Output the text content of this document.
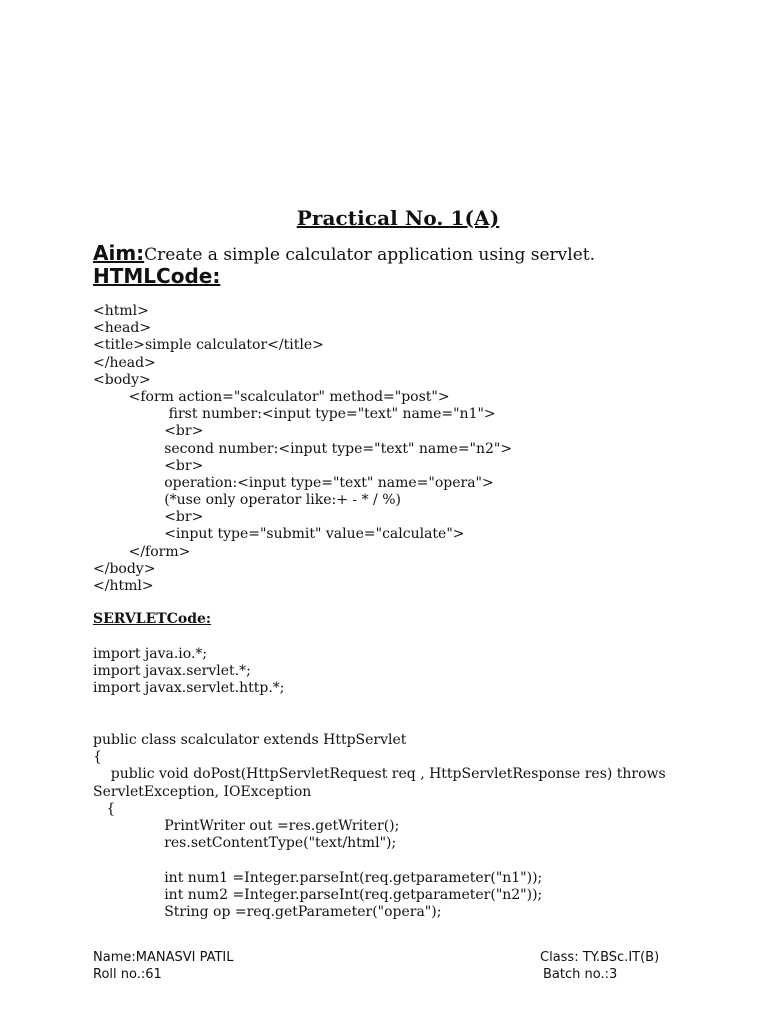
Practical No. 1(A)
Aim:Create a simple calculator application using servlet.
HTMLCode:
<html>
<head>
<title>simple calculator</title>
</head>
<body>
<form action="scalculator" method="post">
first number:<input type="text" name="n1">
<br>
second number:<input type="text" name="n2">
<br>
operation:<input type="text" name="opera">
(*use only operator like:+ - * / %)
<br>
<input type="submit" value="calculate">
</form>
</body>
</html>
SERVLETCode:
import java.io.*;
import javax.servlet.*;
import javax.servlet.http.*;
public class scalculator extends HttpServlet
{
public void doPost(HttpServletRequest req , HttpServletResponse res) throws
ServletException, IOException
{
PrintWriter out =res.getWriter();
res.setContentType("text/html");
int num1 =Integer.parseInt(req.getparameter("n1"));
int num2 =Integer.parseInt(req.getparameter("n2"));
String op =req.getParameter("opera");
Name:MANASVI PATIL
Roll no.:61
Class: TY.BSc.IT(B)
Batch no.:3
